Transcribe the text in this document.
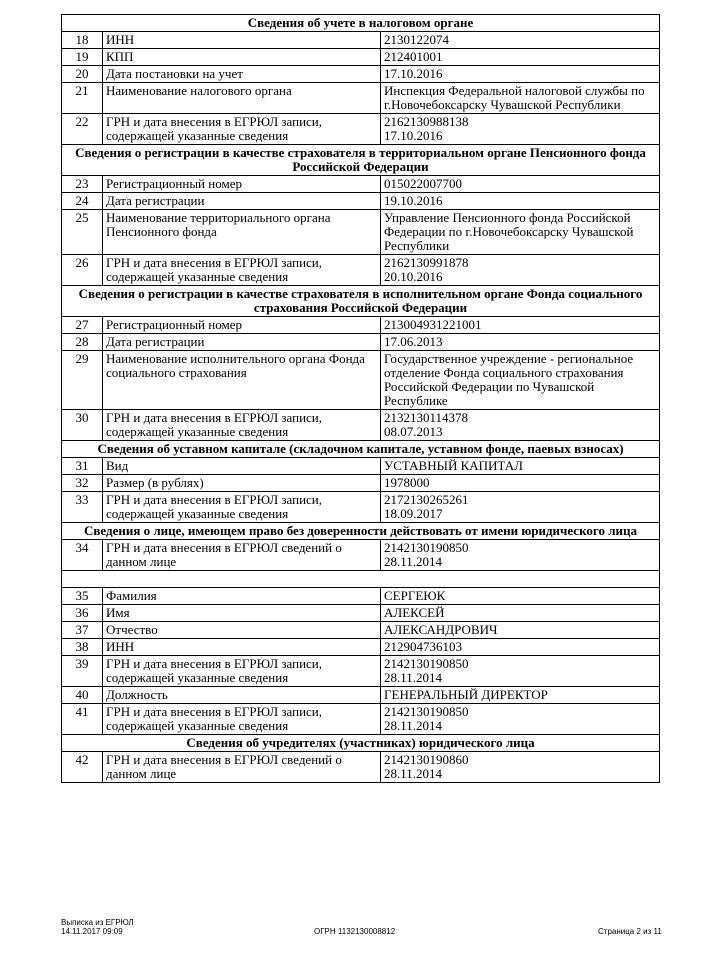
Сведения об учете в налоговом органе		
18	ИНН	2130122074
19	КПП	212401001
20	Дата постановки на учет	17.10.2016
21	Наименование налогового органа	Инспекция Федеральной налоговой службы по г.Новочебоксарску Чувашской Республики
22	ГРН и дата внесения в ЕГРЮЛ записи, содержащей указанные сведения	2162130988138
17.10.2016
Сведения о регистрации в качестве страхователя в территориальном органе Пенсионного фонда Российской Федерации		
23	Регистрационный номер	015022007700
24	Дата регистрации	19.10.2016
25	Наименование территориального органа Пенсионного фонда	Управление Пенсионного фонда Российской Федерации по г.Новочебоксарску Чувашской Республики
26	ГРН и дата внесения в ЕГРЮЛ записи, содержащей указанные сведения	2162130991878
20.10.2016
Сведения о регистрации в качестве страхователя в исполнительном органе Фонда социального страхования Российской Федерации		
27	Регистрационный номер	213004931221001
28	Дата регистрации	17.06.2013
29	Наименование исполнительного органа Фонда социального страхования	Государственное учреждение - региональное отделение Фонда социального страхования Российской Федерации по Чувашской Республике
30	ГРН и дата внесения в ЕГРЮЛ записи, содержащей указанные сведения	2132130114378
08.07.2013
Сведения об уставном капитале (складочном капитале, уставном фонде, паевых взносах)		
31	Вид	УСТАВНЫЙ КАПИТАЛ
32	Размер (в рублях)	1978000
33	ГРН и дата внесения в ЕГРЮЛ записи, содержащей указанные сведения	2172130265261
18.09.2017
Сведения о лице, имеющем право без доверенности действовать от имени юридического лица		
34	ГРН и дата внесения в ЕГРЮЛ сведений о данном лице	2142130190850
28.11.2014

35	Фамилия	СЕРГЕЮК
36	Имя	АЛЕКСЕЙ
37	Отчество	АЛЕКСАНДРОВИЧ
38	ИНН	212904736103
39	ГРН и дата внесения в ЕГРЮЛ записи, содержащей указанные сведения	2142130190850
28.11.2014
40	Должность	ГЕНЕРАЛЬНЫЙ ДИРЕКТОР
41	ГРН и дата внесения в ЕГРЮЛ записи, содержащей указанные сведения	2142130190850
28.11.2014
Сведения об учредителях (участниках) юридического лица		
42	ГРН и дата внесения в ЕГРЮЛ сведений о данном лице	2142130190860
28.11.2014
Выписка из ЕГРЮЛ
14.11.2017 09:09	ОГРН 1132130008812	Страница 2 из 11
